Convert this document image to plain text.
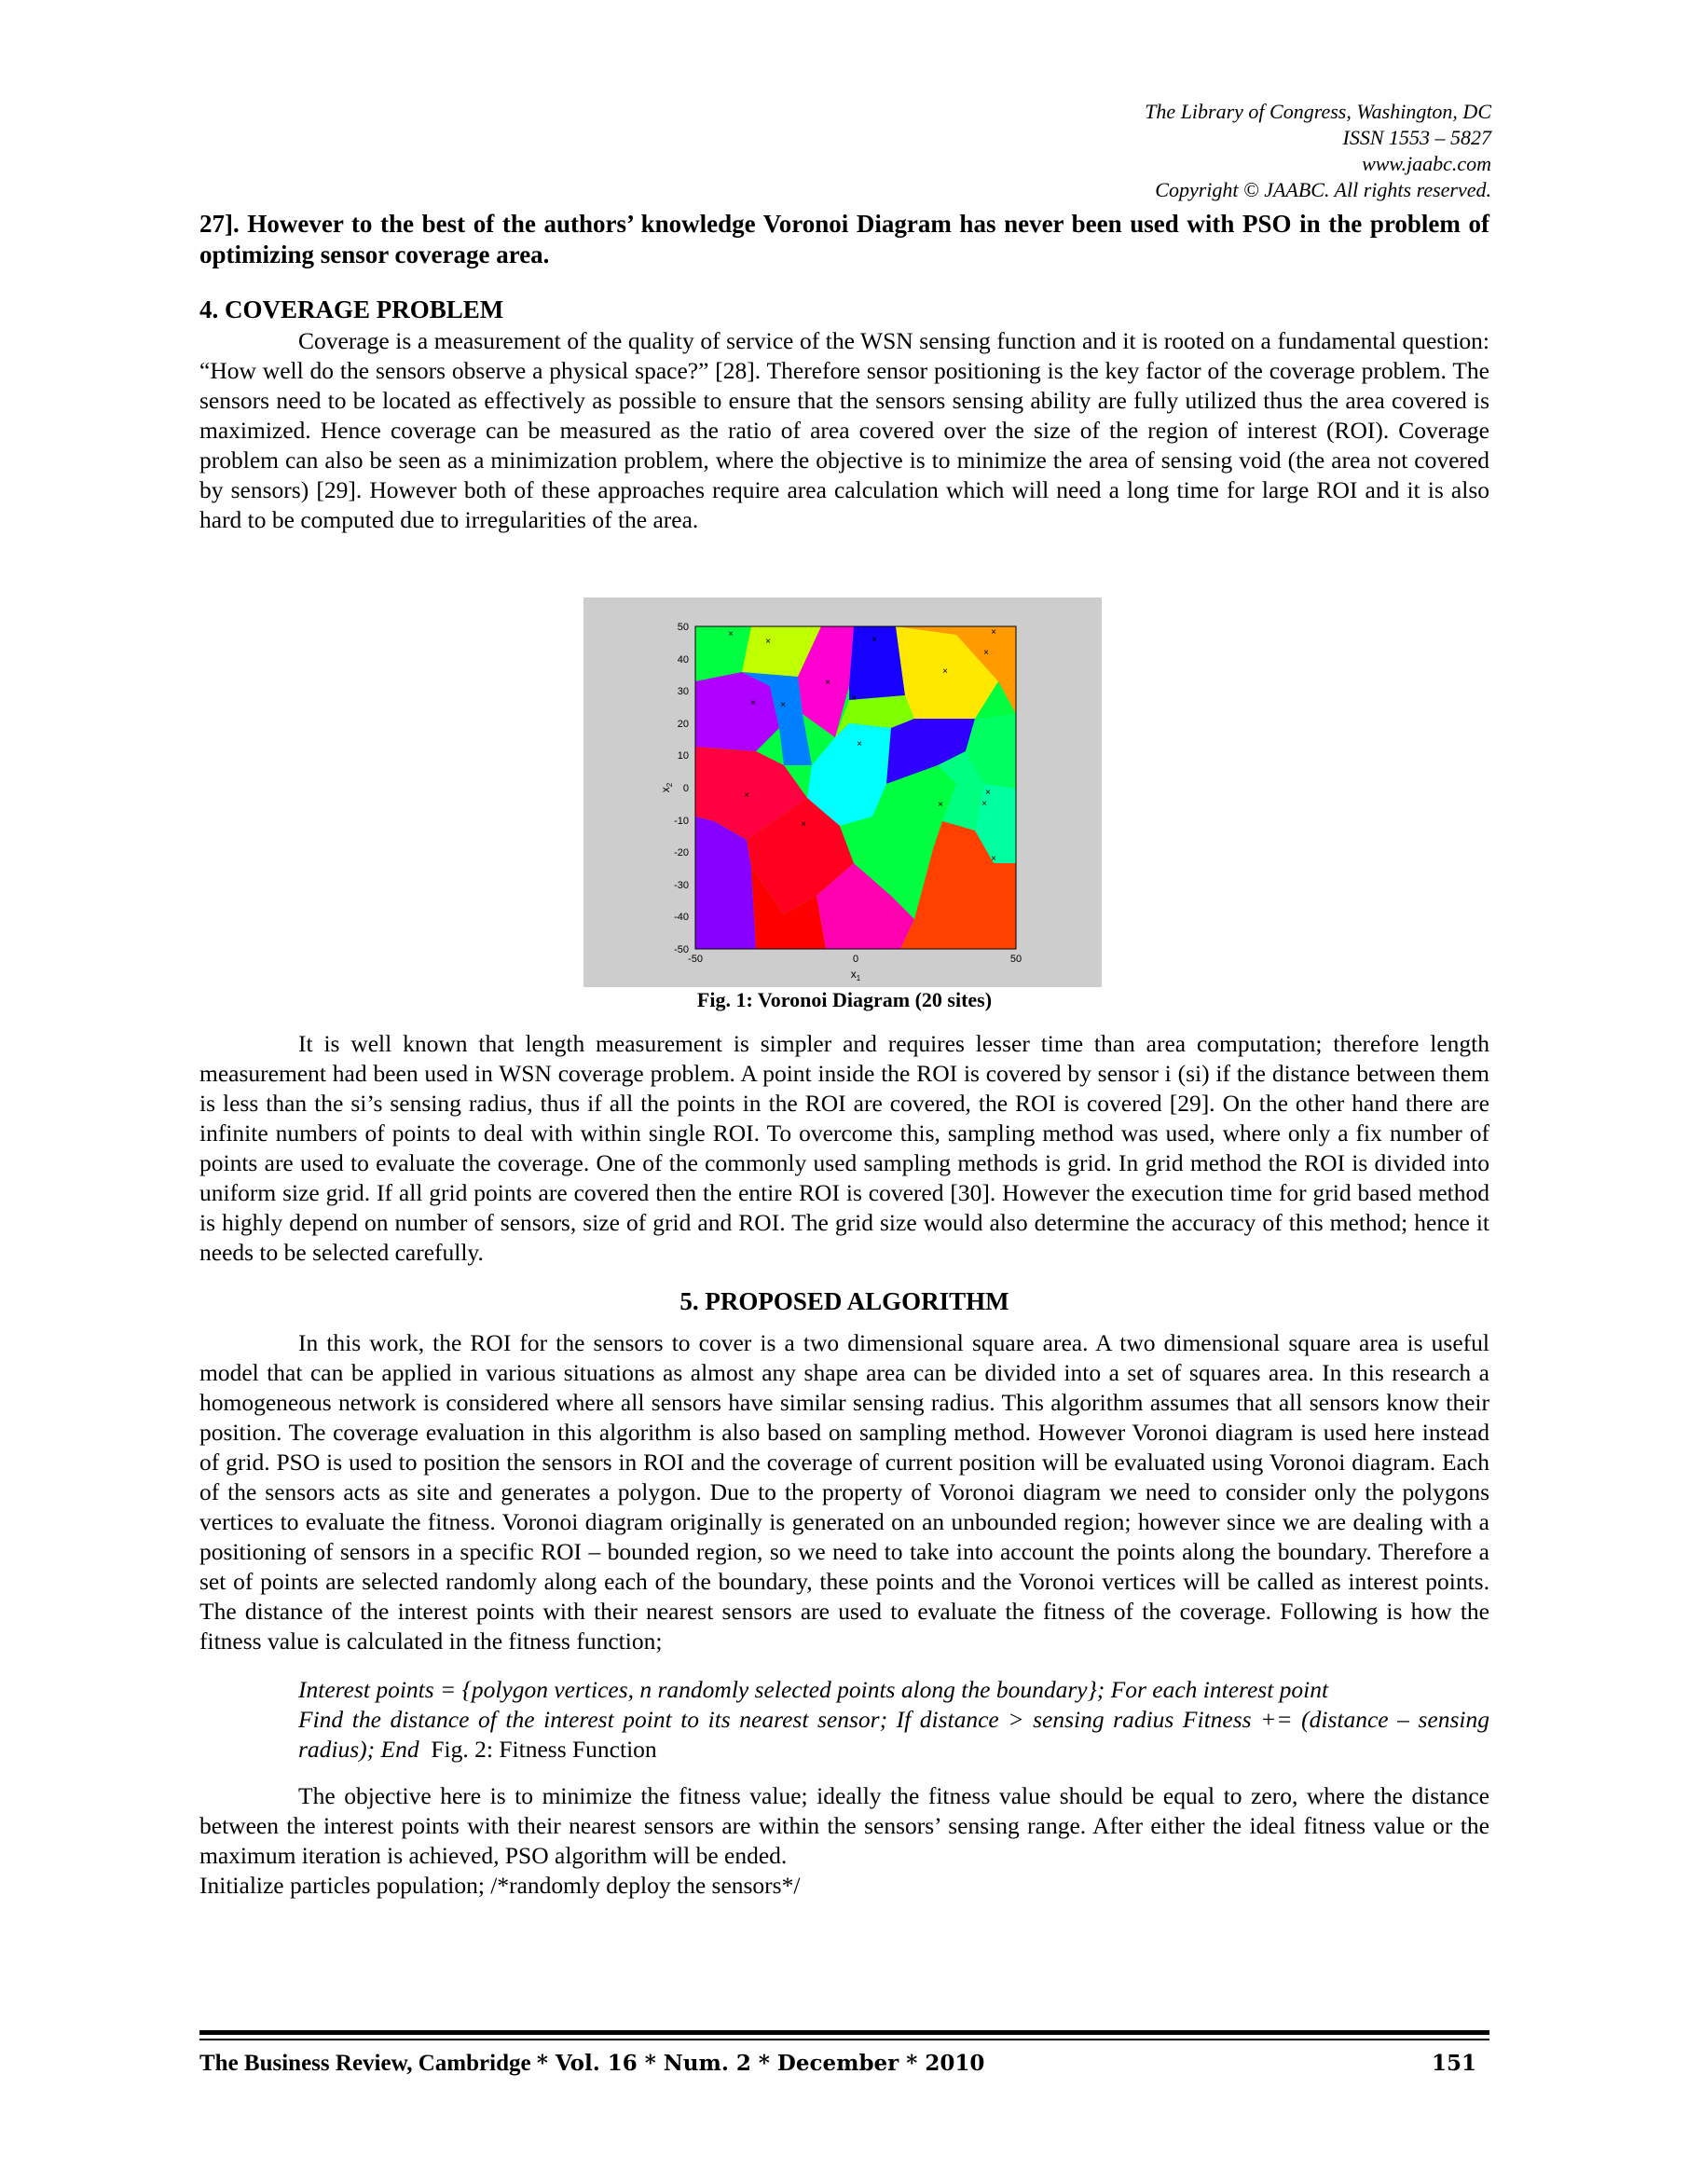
The Library of Congress, Washington, DC
ISSN 1553 – 5827
www.jaabc.com
Copyright © JAABC. All rights reserved.

27]. However to the best of the authors’ knowledge Voronoi Diagram has never been used with PSO in the problem of optimizing sensor coverage area.

4. COVERAGE PROBLEM

Coverage is a measurement of the quality of service of the WSN sensing function and it is rooted on a fundamental question: “How well do the sensors observe a physical space?” [28]. Therefore sensor positioning is the key factor of the coverage problem. The sensors need to be located as effectively as possible to ensure that the sensors sensing ability are fully utilized thus the area covered is maximized. Hence coverage can be measured as the ratio of area covered over the size of the region of interest (ROI). Coverage problem can also be seen as a minimization problem, where the objective is to minimize the area of sensing void (the area not covered by sensors) [29]. However both of these approaches require area calculation which will need a long time for large ROI and it is also hard to be computed due to irregularities of the area.

×
×
×
×
×
×
×
×	×
×
×
×
×
×
×
×
×
50
40
30
20
10
0
-10
-20
-30
-40
-50
-50	0	50
$x_1$
$x_2$
Fig. 1: Voronoi Diagram (20 sites)

It is well known that length measurement is simpler and requires lesser time than area computation; therefore length measurement had been used in WSN coverage problem. A point inside the ROI is covered by sensor i (si) if the distance between them is less than the si’s sensing radius, thus if all the points in the ROI are covered, the ROI is covered [29]. On the other hand there are infinite numbers of points to deal with within single ROI. To overcome this, sampling method was used, where only a fix number of points are used to evaluate the coverage. One of the commonly used sampling methods is grid. In grid method the ROI is divided into uniform size grid. If all grid points are covered then the entire ROI is covered [30]. However the execution time for grid based method is highly depend on number of sensors, size of grid and ROI. The grid size would also determine the accuracy of this method; hence it needs to be selected carefully.

5. PROPOSED ALGORITHM

In this work, the ROI for the sensors to cover is a two dimensional square area. A two dimensional square area is useful model that can be applied in various situations as almost any shape area can be divided into a set of squares area. In this research a homogeneous network is considered where all sensors have similar sensing radius. This algorithm assumes that all sensors know their position. The coverage evaluation in this algorithm is also based on sampling method. However Voronoi diagram is used here instead of grid. PSO is used to position the sensors in ROI and the coverage of current position will be evaluated using Voronoi diagram. Each of the sensors acts as site and generates a polygon. Due to the property of Voronoi diagram we need to consider only the polygons vertices to evaluate the fitness. Voronoi diagram originally is generated on an unbounded region; however since we are dealing with a positioning of sensors in a specific ROI – bounded region, so we need to take into account the points along the boundary. Therefore a set of points are selected randomly along each of the boundary, these points and the Voronoi vertices will be called as interest points. The distance of the interest points with their nearest sensors are used to evaluate the fitness of the coverage. Following is how the fitness value is calculated in the fitness function;

Interest points = {polygon vertices, n randomly selected points along the boundary}; For each interest point
Find the distance of the interest point to its nearest sensor; If distance > sensing radius Fitness += (distance – sensing radius); End Fig. 2: Fitness Function

The objective here is to minimize the fitness value; ideally the fitness value should be equal to zero, where the distance between the interest points with their nearest sensors are within the sensors’ sensing range. After either the ideal fitness value or the maximum iteration is achieved, PSO algorithm will be ended.

Initialize particles population; /*randomly deploy the sensors*/

The Business Review, Cambridge * Vol. 16 * Num. 2 * December * 2010	151
